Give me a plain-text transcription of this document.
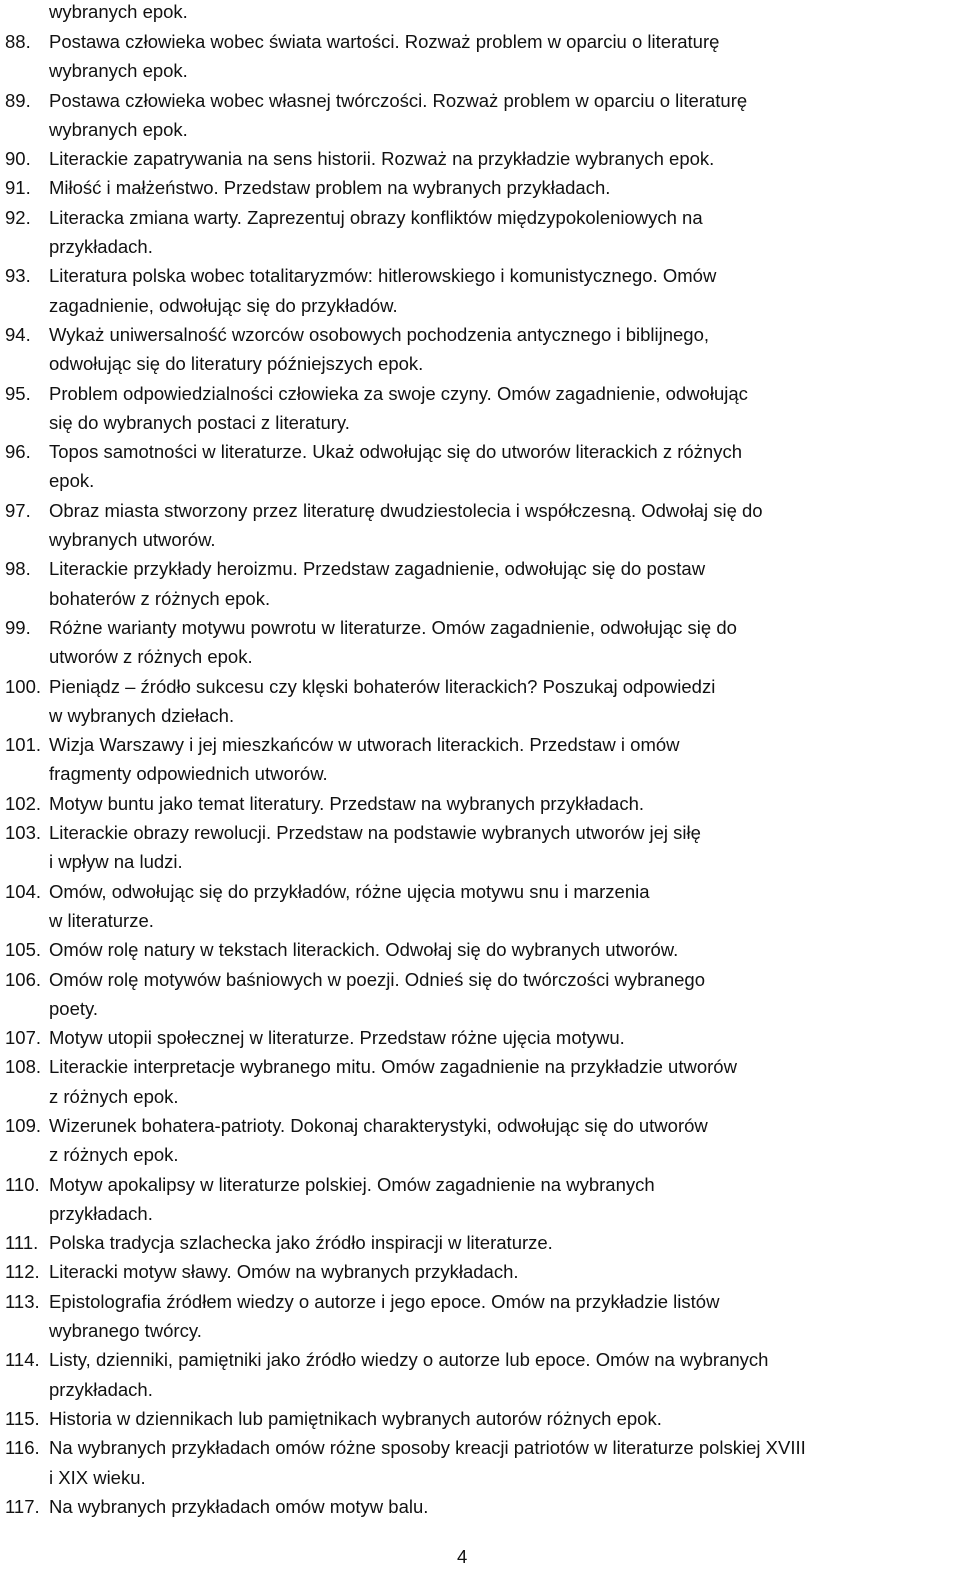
wybranych epok.
88. Postawa człowieka wobec świata wartości. Rozważ problem w oparciu o literaturę
wybranych epok.
89. Postawa człowieka wobec własnej twórczości. Rozważ problem w oparciu o literaturę
wybranych epok.
90. Literackie zapatrywania na sens historii. Rozważ na przykładzie wybranych epok.
91. Miłość i małżeństwo. Przedstaw problem na wybranych przykładach.
92. Literacka zmiana warty. Zaprezentuj obrazy konfliktów międzypokoleniowych na
przykładach.
93. Literatura polska wobec totalitaryzmów: hitlerowskiego i komunistycznego. Omów
zagadnienie, odwołując się do przykładów.
94. Wykaż uniwersalność wzorców osobowych pochodzenia antycznego i biblijnego,
odwołując się do literatury późniejszych epok.
95. Problem odpowiedzialności człowieka za swoje czyny. Omów zagadnienie, odwołując
się do wybranych postaci z literatury.
96. Topos samotności w literaturze. Ukaż odwołując się do utworów literackich z różnych
epok.
97. Obraz miasta stworzony przez literaturę dwudziestolecia i współczesną. Odwołaj się do
wybranych utworów.
98. Literackie przykłady heroizmu. Przedstaw zagadnienie, odwołując się do postaw
bohaterów z różnych epok.
99. Różne warianty motywu powrotu w literaturze. Omów zagadnienie, odwołując się do
utworów z różnych epok.
100. Pieniądz – źródło sukcesu czy klęski bohaterów literackich? Poszukaj odpowiedzi
w wybranych dziełach.
101. Wizja Warszawy i jej mieszkańców w utworach literackich. Przedstaw i omów
fragmenty odpowiednich utworów.
102. Motyw buntu jako temat literatury. Przedstaw na wybranych przykładach.
103. Literackie obrazy rewolucji. Przedstaw na podstawie wybranych utworów jej siłę
i wpływ na ludzi.
104. Omów, odwołując się do przykładów, różne ujęcia motywu snu i marzenia
w literaturze.
105. Omów rolę natury w tekstach literackich. Odwołaj się do wybranych utworów.
106. Omów rolę motywów baśniowych w poezji. Odnieś się do twórczości wybranego
poety.
107. Motyw utopii społecznej w literaturze. Przedstaw różne ujęcia motywu.
108. Literackie interpretacje wybranego mitu. Omów zagadnienie na przykładzie utworów
z różnych epok.
109. Wizerunek bohatera-patrioty. Dokonaj charakterystyki, odwołując się do utworów
z różnych epok.
110. Motyw apokalipsy w literaturze polskiej. Omów zagadnienie na wybranych
przykładach.
111. Polska tradycja szlachecka jako źródło inspiracji w literaturze.
112. Literacki motyw sławy. Omów na wybranych przykładach.
113. Epistolografia źródłem wiedzy o autorze i jego epoce. Omów na przykładzie listów
wybranego twórcy.
114. Listy, dzienniki, pamiętniki jako źródło wiedzy o autorze lub epoce. Omów na wybranych
przykładach.
115. Historia w dziennikach lub pamiętnikach wybranych autorów różnych epok.
116. Na wybranych przykładach omów różne sposoby kreacji patriotów w literaturze polskiej XVIII
i XIX wieku.
117. Na wybranych przykładach omów motyw balu.
4
